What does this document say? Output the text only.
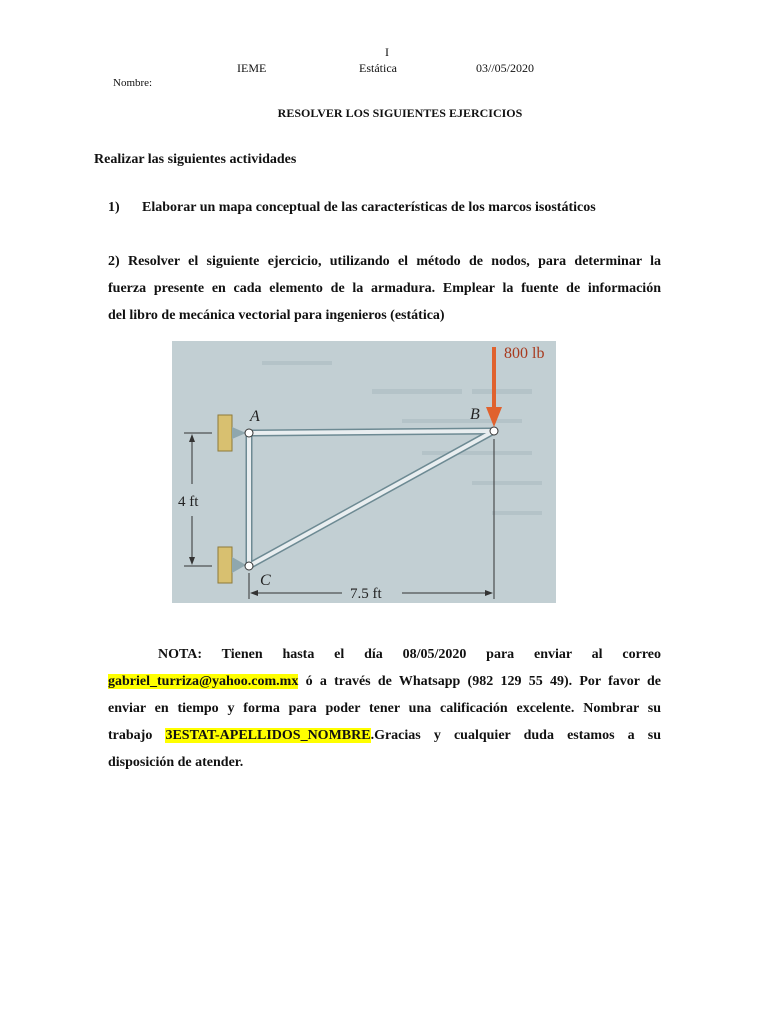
I
IEME	Estática	03//05/2020
Nombre:
RESOLVER LOS SIGUIENTES EJERCICIOS
Realizar las siguientes actividades
1) Elaborar un mapa conceptual de las características de los marcos isostáticos
2) Resolver el siguiente ejercicio, utilizando el método de nodos, para determinar la
fuerza presente en cada elemento de la armadura. Emplear la fuente de información
del libro de mecánica vectorial para ingenieros (estática)
800 lb
A	B
C
4 ft
7.5 ft
NOTA: Tienen hasta el día 08/05/2020 para enviar al correo
gabriel_turriza@yahoo.com.mx ó a través de Whatsapp (982 129 55 49). Por favor de
enviar en tiempo y forma para poder tener una calificación excelente. Nombrar su
trabajo 3ESTAT-APELLIDOS_NOMBRE.Gracias y cualquier duda estamos a su
disposición de atender.
